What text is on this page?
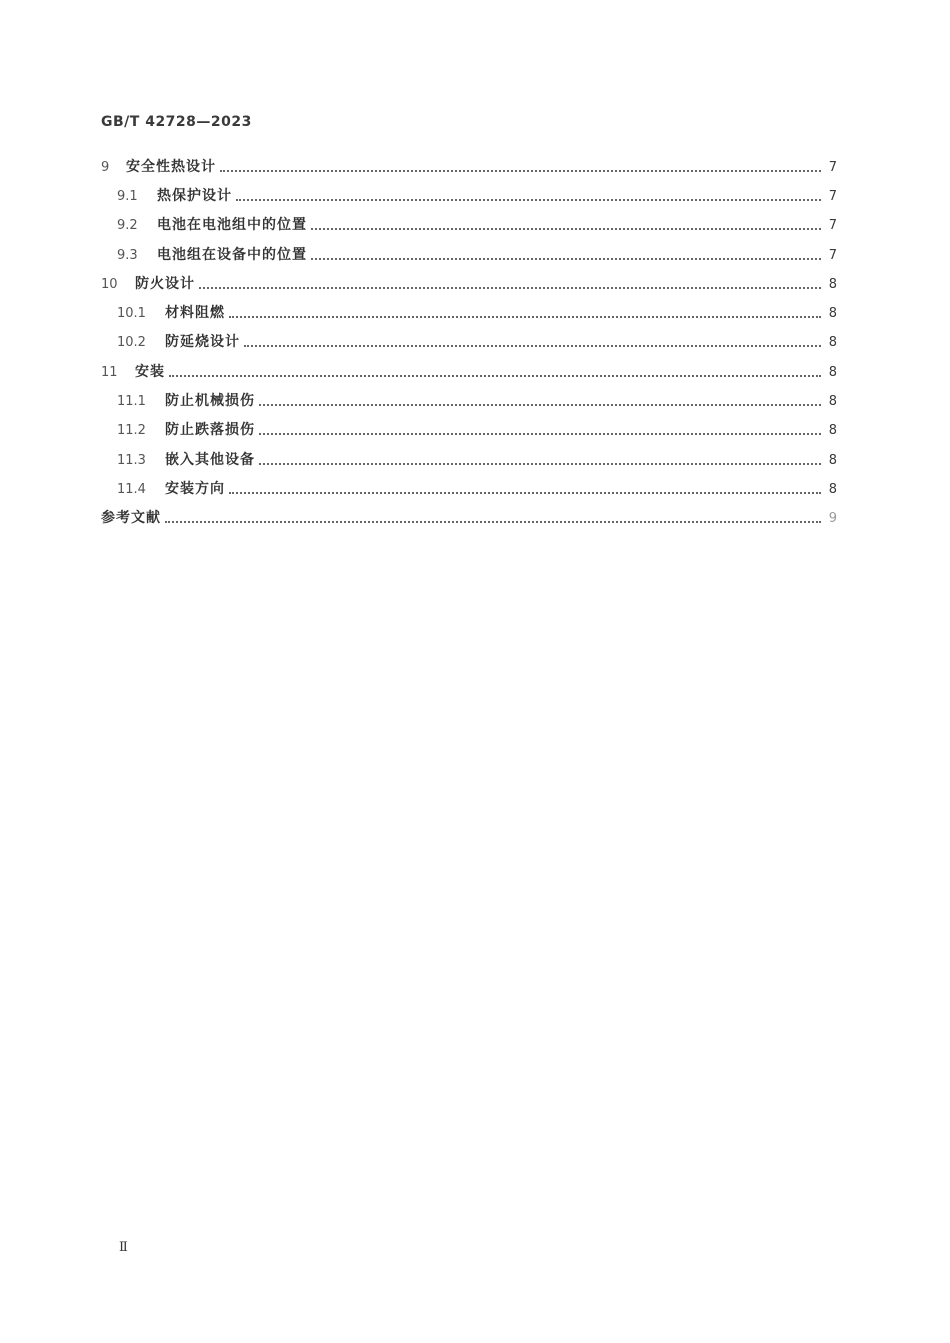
GB/T 42728—2023
9	安全性热设计	7
9.1	热保护设计	7
9.2	电池在电池组中的位置	7
9.3	电池组在设备中的位置	7
10	防火设计	8
10.1	材料阻燃	8
10.2	防延烧设计	8
11	安装	8
11.1	防止机械损伤	8
11.2	防止跌落损伤	8
11.3	嵌入其他设备	8
11.4	安装方向	8
参考文献	9
Ⅱ
